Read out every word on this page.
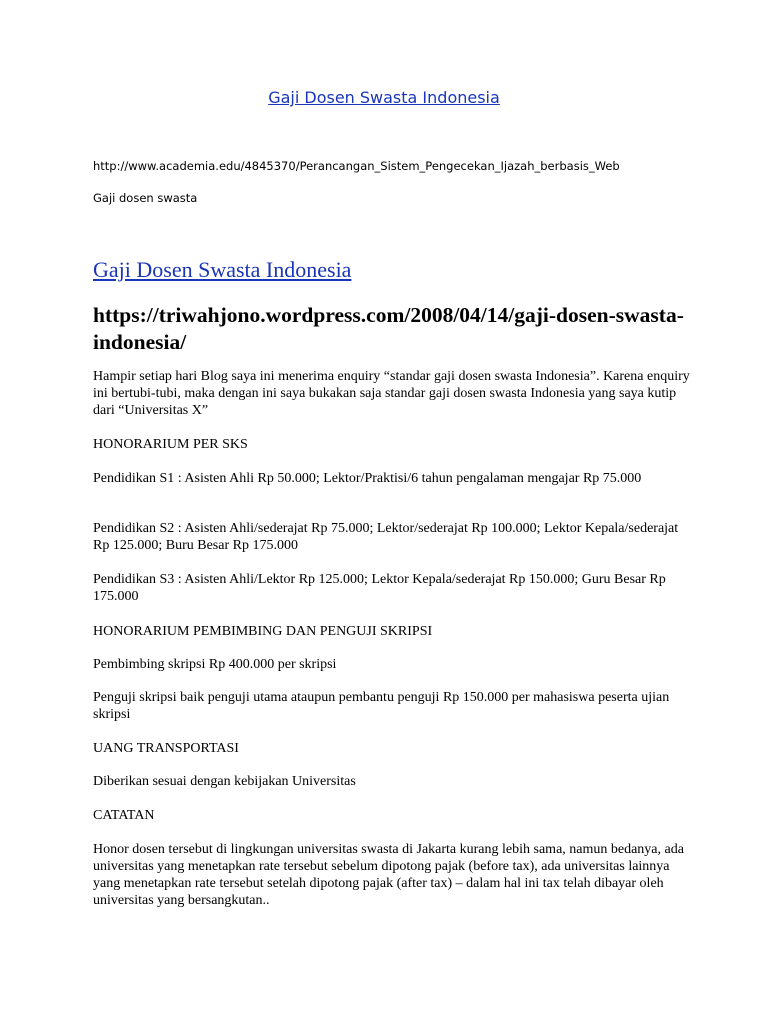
Gaji Dosen Swasta Indonesia
http://www.academia.edu/4845370/Perancangan_Sistem_Pengecekan_Ijazah_berbasis_Web
Gaji dosen swasta
Gaji Dosen Swasta Indonesia
https://triwahjono.wordpress.com/2008/04/14/gaji-dosen-swasta-indonesia/
Hampir setiap hari Blog saya ini menerima enquiry “standar gaji dosen swasta Indonesia”. Karena enquiry ini bertubi-tubi, maka dengan ini saya bukakan saja standar gaji dosen swasta Indonesia yang saya kutip dari “Universitas X”
HONORARIUM PER SKS
Pendidikan S1 : Asisten Ahli Rp 50.000; Lektor/Praktisi/6 tahun pengalaman mengajar Rp 75.000
Pendidikan S2 : Asisten Ahli/sederajat Rp 75.000; Lektor/sederajat Rp 100.000; Lektor Kepala/sederajat Rp 125.000; Buru Besar Rp 175.000
Pendidikan S3 : Asisten Ahli/Lektor Rp 125.000; Lektor Kepala/sederajat Rp 150.000; Guru Besar Rp 175.000
HONORARIUM PEMBIMBING DAN PENGUJI SKRIPSI
Pembimbing skripsi Rp 400.000 per skripsi
Penguji skripsi baik penguji utama ataupun pembantu penguji Rp 150.000 per mahasiswa peserta ujian skripsi
UANG TRANSPORTASI
Diberikan sesuai dengan kebijakan Universitas
CATATAN
Honor dosen tersebut di lingkungan universitas swasta di Jakarta kurang lebih sama, namun bedanya, ada universitas yang menetapkan rate tersebut sebelum dipotong pajak (before tax), ada universitas lainnya yang menetapkan rate tersebut setelah dipotong pajak (after tax) – dalam hal ini tax telah dibayar oleh universitas yang bersangkutan..
